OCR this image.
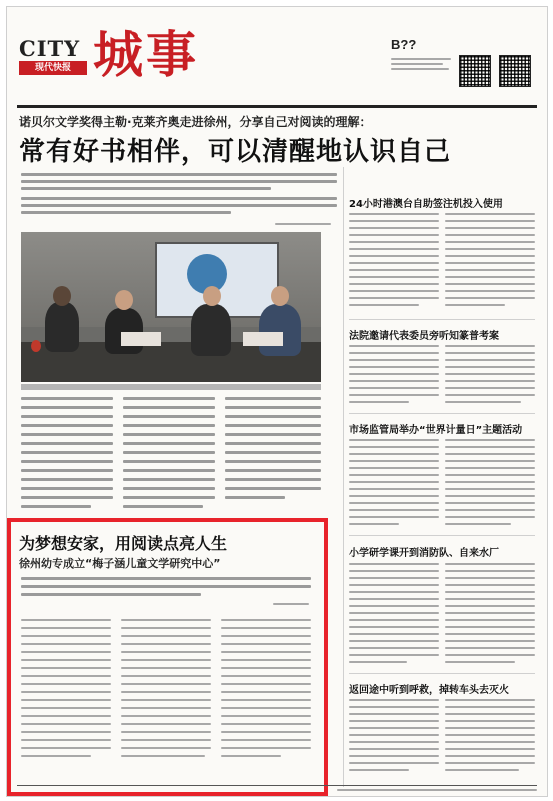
CITY
现代快报 城事	B??
诺贝尔文学奖得主勒·克莱齐奥走进徐州，分享自己对阅读的理解：
常有好书相伴，可以清醒地认识自己
24小时港澳台自助签注机投入使用
法院邀请代表委员旁听知篆普考案
市场监管局举办“世界计量日”主题活动
小学研学课开到消防队、自来水厂
返回途中听到呼救，掉转车头去灭火
为梦想安家，用阅读点亮人生
徐州幼专成立“梅子涵儿童文学研究中心”
